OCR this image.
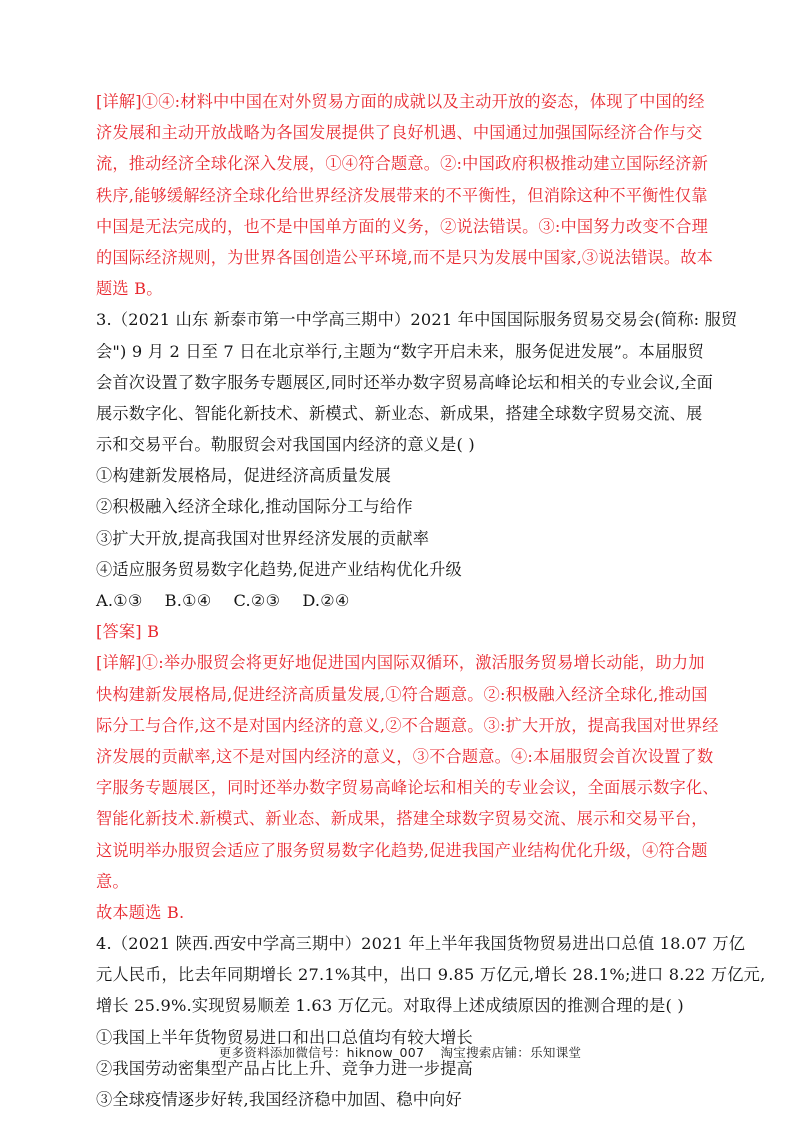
[详解]①④:材料中中国在对外贸易方面的成就以及主动开放的姿态，体现了中国的经
济发展和主动开放战略为各国发展提供了良好机遇、中国通过加强国际经济合作与交
流，推动经济全球化深入发展，①④符合题意。②:中国政府积极推动建立国际经济新
秩序,能够缓解经济全球化给世界经济发展带来的不平衡性，但消除这种不平衡性仅靠
中国是无法完成的，也不是中国单方面的义务，②说法错误。③:中国努力改变不合理
的国际经济规则，为世界各国创造公平环境,而不是只为发展中国家,③说法错误。故本
题选 B。
3.（2021 山东 新泰市第一中学高三期中）2021 年中国国际服务贸易交易会(简称: 服贸
会") 9 月 2 日至 7 日在北京举行,主题为“数字开启未来，服务促进发展”。本届服贸
会首次设置了数字服务专题展区,同时还举办数字贸易高峰论坛和相关的专业会议,全面
展示数字化、智能化新技术、新模式、新业态、新成果，搭建全球数字贸易交流、展
示和交易平台。勒服贸会对我国国内经济的意义是( )
①构建新发展格局，促进经济高质量发展
②积极融入经济全球化,推动国际分工与给作
③扩大开放,提高我国对世界经济发展的贡献率
④适应服务贸易数字化趋势,促进产业结构优化升级
A.①③ B.①④ C.②③ D.②④
[答案] B
[详解]①:举办服贸会将更好地促进国内国际双循环，激活服务贸易增长动能，助力加
快构建新发展格局,促进经济高质量发展,①符合题意。②:积极融入经济全球化,推动国
际分工与合作,这不是对国内经济的意义,②不合题意。③:扩大开放，提高我国对世界经
济发展的贡献率,这不是对国内经济的意义，③不合题意。④:本届服贸会首次设置了数
字服务专题展区，同时还举办数字贸易高峰论坛和相关的专业会议，全面展示数字化、
智能化新技术.新模式、新业态、新成果，搭建全球数字贸易交流、展示和交易平台，
这说明举办服贸会适应了服务贸易数字化趋势,促进我国产业结构优化升级，④符合题
意。
故本题选 B.
4.（2021 陕西.西安中学高三期中）2021 年上半年我国货物贸易进出口总值 18.07 万亿
元人民币，比去年同期增长 27.1%其中，出口 9.85 万亿元,增长 28.1%;进口 8.22 万亿元,
增长 25.9%.实现贸易顺差 1.63 万亿元。对取得上述成绩原因的推测合理的是( )
①我国上半年货物贸易进口和出口总值均有较大增长
②我国劳动密集型产品占比上升、竞争力进一步提高
③全球疫情逐步好转,我国经济稳中加固、稳中向好
更多资料添加微信号：hiknow_007 淘宝搜索店铺：乐知课堂
